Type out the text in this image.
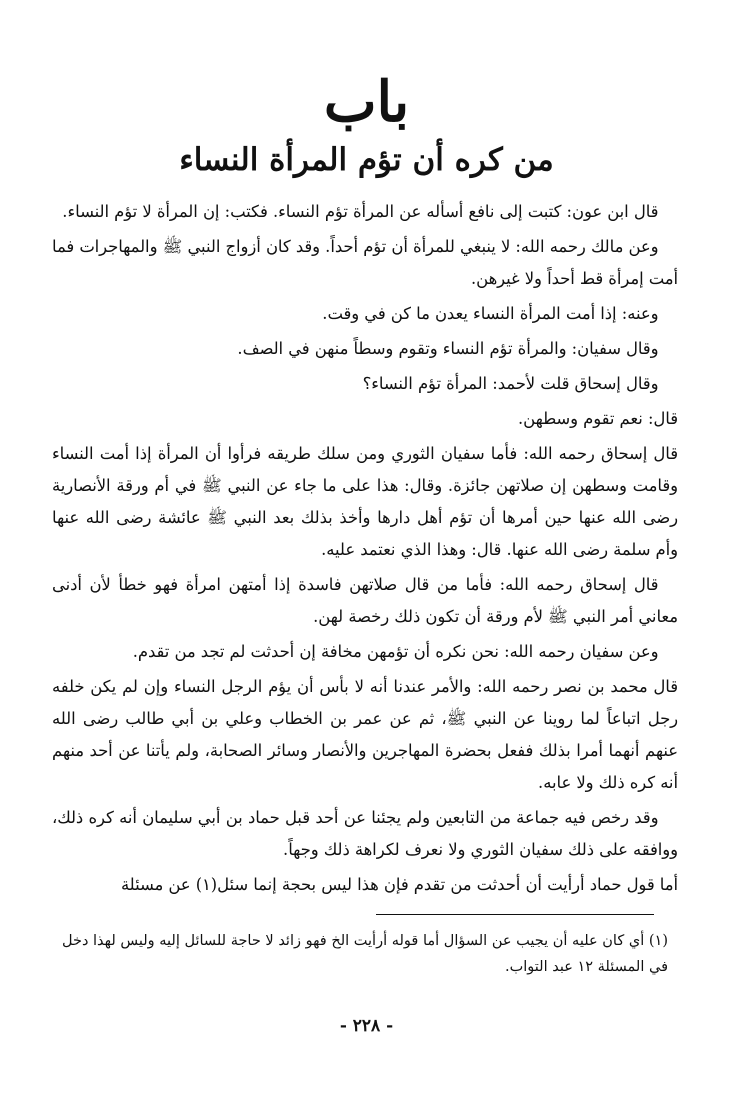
باب
من كره أن تؤم المرأة النساء

قال ابن عون: كتبت إلى نافع أسأله عن المرأة تؤم النساء. فكتب: إن المرأة لا تؤم النساء.

وعن مالك رحمه الله: لا ينبغي للمرأة أن تؤم أحداً. وقد كان أزواج النبي ﷺ والمهاجرات فما أمت إمرأة قط أحداً ولا غيرهن.

وعنه: إذا أمت المرأة النساء يعدن ما كن في وقت.

وقال سفيان: والمرأة تؤم النساء وتقوم وسطاً منهن في الصف.

وقال إسحاق قلت لأحمد: المرأة تؤم النساء؟

قال: نعم تقوم وسطهن.

قال إسحاق رحمه الله: فأما سفيان الثوري ومن سلك طريقه فرأوا أن المرأة إذا أمت النساء وقامت وسطهن إن صلاتهن جائزة. وقال: هذا على ما جاء عن النبي ﷺ في أم ورقة الأنصارية رضى الله عنها حين أمرها أن تؤم أهل دارها وأخذ بذلك بعد النبي ﷺ عائشة رضى الله عنها وأم سلمة رضى الله عنها. قال: وهذا الذي نعتمد عليه.

قال إسحاق رحمه الله: فأما من قال صلاتهن فاسدة إذا أمتهن امرأة فهو خطأ لأن أدنى معاني أمر النبي ﷺ لأم ورقة أن تكون ذلك رخصة لهن.

وعن سفيان رحمه الله: نحن نكره أن تؤمهن مخافة إن أحدثت لم تجد من تقدم.

قال محمد بن نصر رحمه الله: والأمر عندنا أنه لا بأس أن يؤم الرجل النساء وإن لم يكن خلفه رجل اتباعاً لما روينا عن النبي ﷺ، ثم عن عمر بن الخطاب وعلي بن أبي طالب رضى الله عنهم أنهما أمرا بذلك ففعل بحضرة المهاجرين والأنصار وسائر الصحابة، ولم يأتنا عن أحد منهم أنه كره ذلك ولا عابه.

وقد رخص فيه جماعة من التابعين ولم يجئنا عن أحد قبل حماد بن أبي سليمان أنه كره ذلك، ووافقه على ذلك سفيان الثوري ولا نعرف لكراهة ذلك وجهاً.

أما قول حماد أرأيت أن أحدثت من تقدم فإن هذا ليس بحجة إنما سئل(١) عن مسئلة

(١) أي كان عليه أن يجيب عن السؤال أما قوله أرأيت الخ فهو زائد لا حاجة للسائل إليه وليس لهذا دخل في المسئلة ١٢ عبد التواب.
- ٢٢٨ -
